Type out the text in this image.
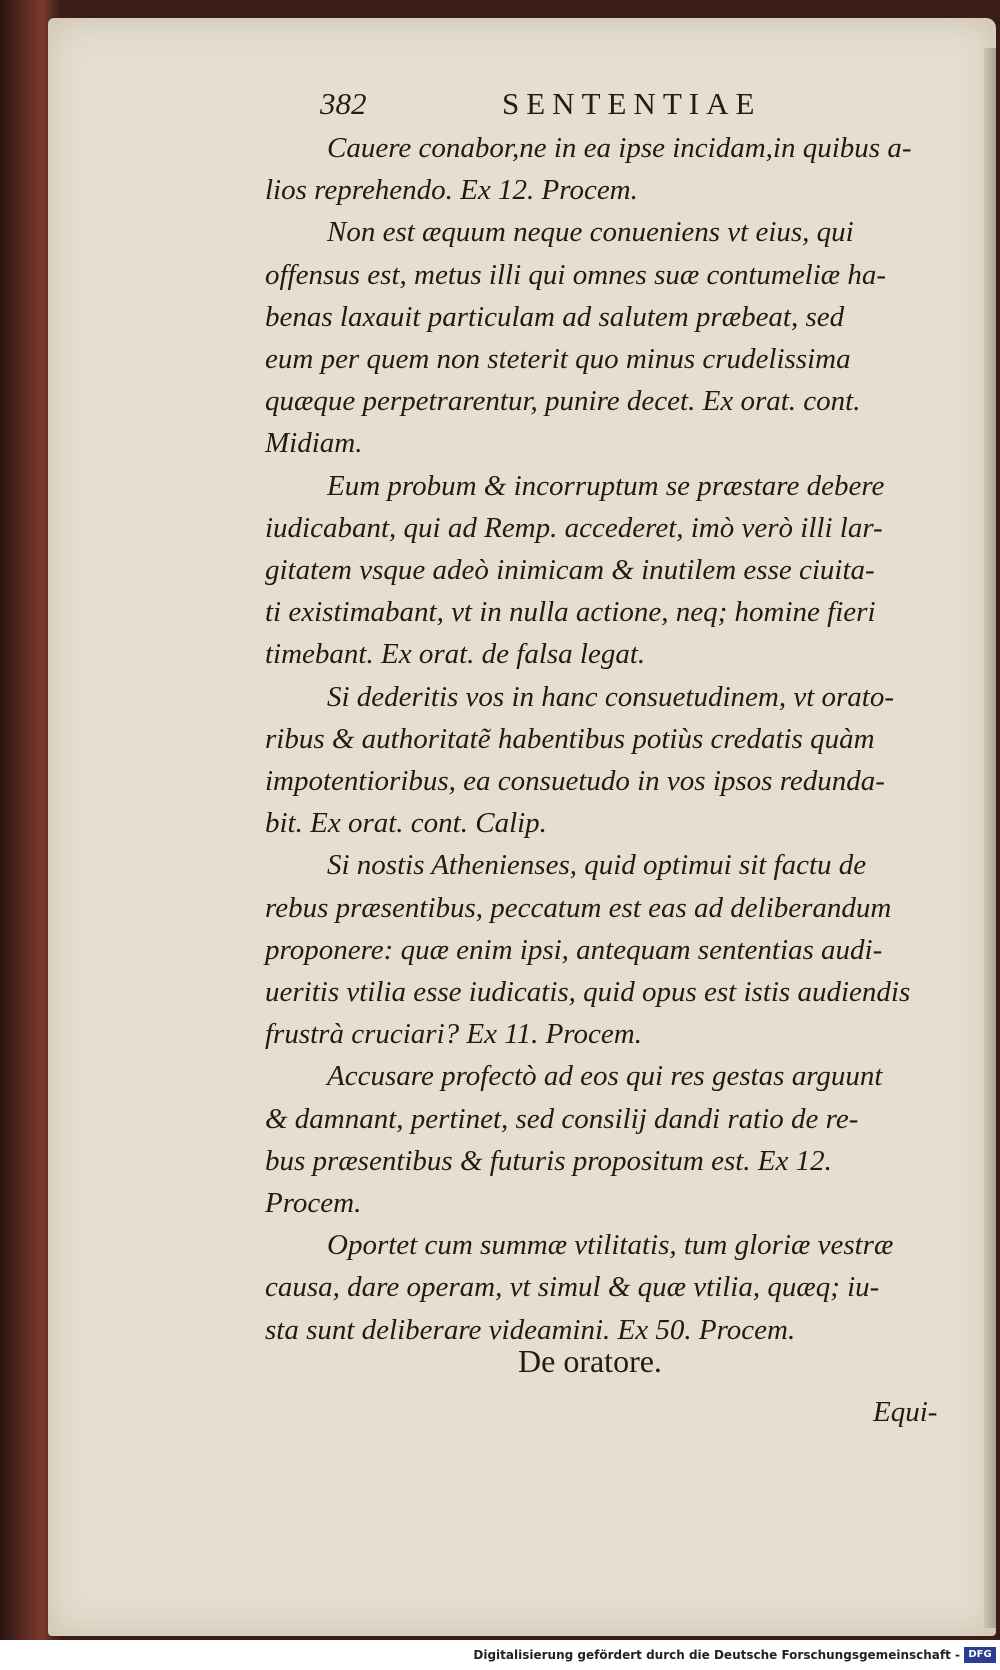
382	SENTENTIAE

Cauere conabor,ne in ea ipse incidam,in quibus a-
lios reprehendo. Ex 12. Procem.

Non est æquum neque conueniens vt eius, qui
offensus est, metus illi qui omnes suæ contumeliæ ha-
benas laxauit particulam ad salutem præbeat, sed
eum per quem non steterit quo minus crudelissima
quæque perpetrarentur, punire decet. Ex orat. cont.
Midiam.

Eum probum & incorruptum se præstare debere
iudicabant, qui ad Remp. accederet, imò verò illi lar-
gitatem vsque adeò inimicam & inutilem esse ciuita-
ti existimabant, vt in nulla actione, neq; homine fieri
timebant. Ex orat. de falsa legat.

Si dederitis vos in hanc consuetudinem, vt orato-
ribus & authoritatẽ habentibus potiùs credatis quàm
impotentioribus, ea consuetudo in vos ipsos redunda-
bit. Ex orat. cont. Calip.

Si nostis Athenienses, quid optimui sit factu de
rebus præsentibus, peccatum est eas ad deliberandum
proponere: quæ enim ipsi, antequam sententias audi-
ueritis vtilia esse iudicatis, quid opus est istis audiendis
frustrà cruciari? Ex 11. Procem.

Accusare profectò ad eos qui res gestas arguunt
& damnant, pertinet, sed consilij dandi ratio de re-
bus præsentibus & futuris propositum est. Ex 12.
Procem.

Oportet cum summæ vtilitatis, tum gloriæ vestræ
causa, dare operam, vt simul & quæ vtilia, quæq; iu-
sta sunt deliberare videamini. Ex 50. Procem.

De oratore.
Equi-
Digitalisierung gefördert durch die Deutsche Forschungsgemeinschaft - DFG
